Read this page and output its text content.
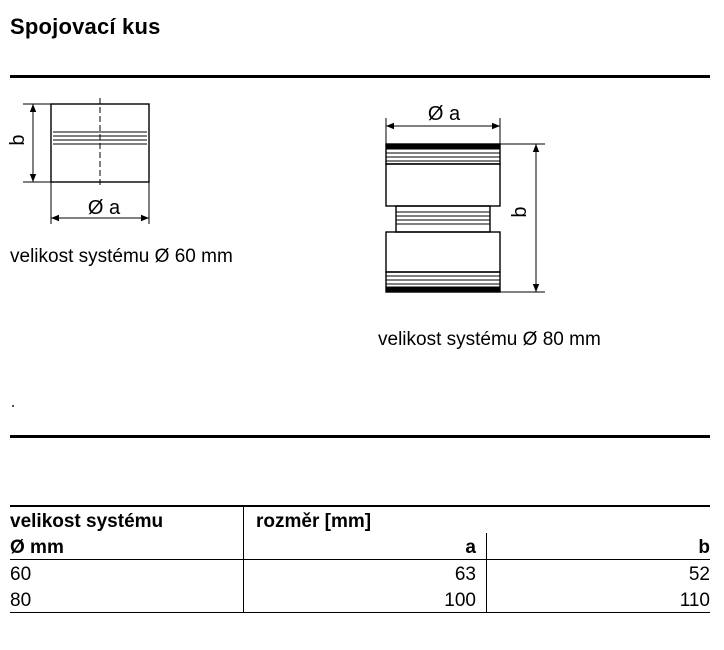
Spojovací kus
b
Ø a
Ø a
b
velikost systému Ø 60 mm
velikost systému Ø 80 mm
velikost systému	rozměr [mm]	
Ø mm	a	b
60	63	52
80	100	110
